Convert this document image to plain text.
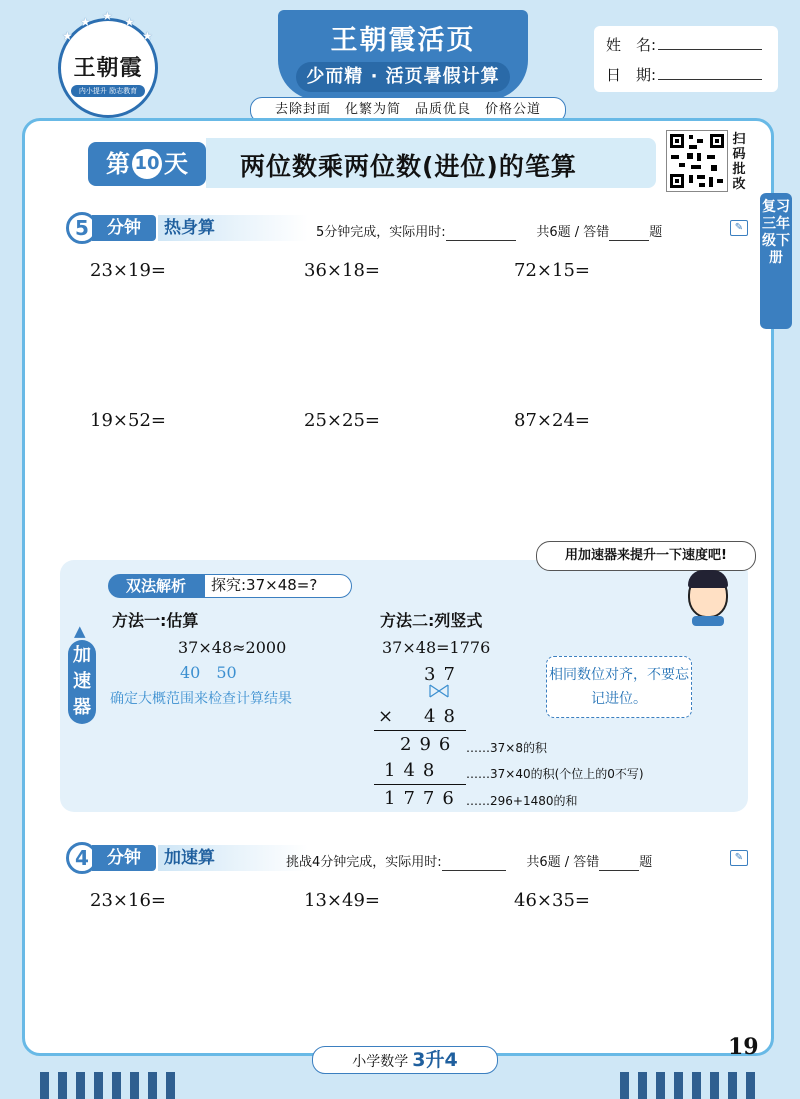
王朝霞
内小提升 励志教育
★
★ ★ ★
★	王朝霞活页
少而精 · 活页暑假计算
去除封面　化繁为简　品质优良　价格公道
姓　名:
日　期:
第 10 天	两位数乘两位数(进位)的笔算
扫码批改
复习三年级下册
5	分钟	热身算	5分钟完成，实际用时:	共6题 / 答错	题	✎
23×19=	36×18=	72×15=
19×52=	25×25=	87×24=
用加速器来提升一下速度吧!
▲
加速器
双法解析	探究:37×48=?
方法一:估算
37×48≈2000
40　50
确定大概范围来检查计算结果
方法二:列竖式
37×48=1776
37
× 48
296
148
1776
……37×8的积
……37×40的积(个位上的0不写)
……296+1480的和
相同数位对齐，不要忘记进位。
4	分钟	加速算	挑战4分钟完成，实际用时:	共6题 / 答错	题	✎
23×16=	13×49=	46×35=
小学数学 3升4	19
